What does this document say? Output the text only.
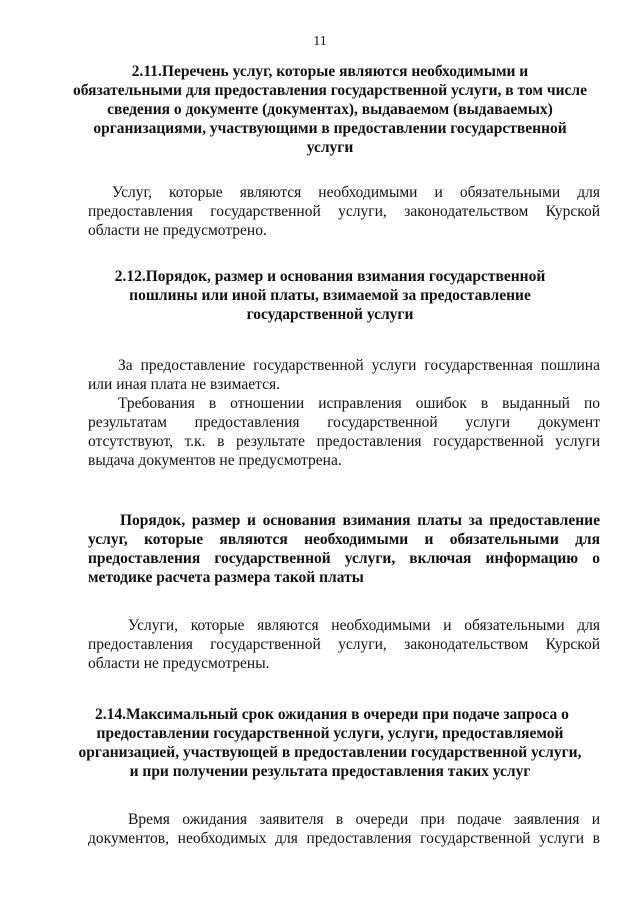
11
2.11.Перечень услуг, которые являются необходимыми и
обязательными для предоставления государственной услуги, в том числе
сведения о документе (документах), выдаваемом (выдаваемых)
организациями, участвующими в предоставлении государственной
услуги
Услуг, которые являются необходимыми и обязательными для
предоставления государственной услуги, законодательством Курской
области не предусмотрено.
2.12.Порядок, размер и основания взимания государственной
пошлины или иной платы, взимаемой за предоставление
государственной услуги
За предоставление государственной услуги государственная пошлина
или иная плата не взимается.
Требования в отношении исправления ошибок в выданный по
результатам предоставления государственной услуги документ
отсутствуют, т.к. в результате предоставления государственной услуги
выдача документов не предусмотрена.
Порядок, размер и основания взимания платы за предоставление
услуг, которые являются необходимыми и обязательными для
предоставления государственной услуги, включая информацию о
методике расчета размера такой платы
Услуги, которые являются необходимыми и обязательными для
предоставления государственной услуги, законодательством Курской
области не предусмотрены.
2.14.Максимальный срок ожидания в очереди при подаче запроса о
предоставлении государственной услуги, услуги, предоставляемой
организацией, участвующей в предоставлении государственной услуги,
и при получении результата предоставления таких услуг
Время ожидания заявителя в очереди при подаче заявления и
документов, необходимых для предоставления государственной услуги в
